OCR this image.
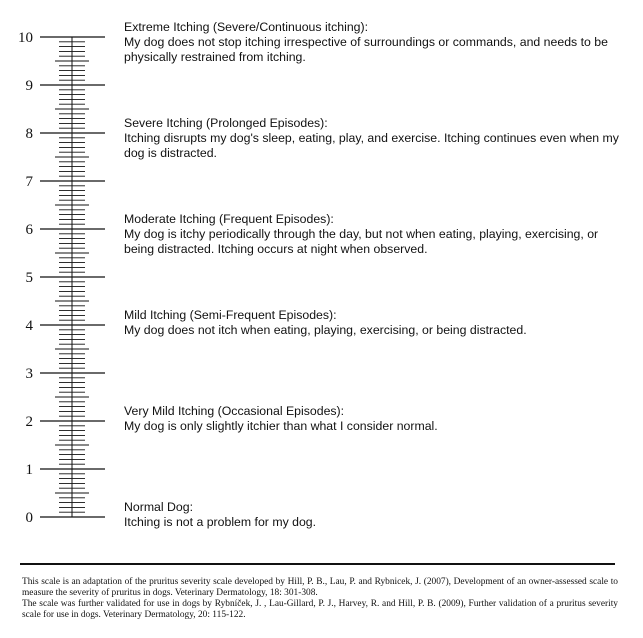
0
1
2
3
4
5
6
7
8
9
10
Extreme Itching (Severe/Continuous itching):
My dog does not stop itching irrespective of surroundings or commands, and needs to be physically restrained from itching.
Severe Itching (Prolonged Episodes):
Itching disrupts my dog's sleep, eating, play, and exercise. Itching continues even when my dog is distracted.
Moderate Itching (Frequent Episodes):
My dog is itchy periodically through the day, but not when eating, playing, exercising, or being distracted. Itching occurs at night when observed.
Mild Itching (Semi-Frequent Episodes):
My dog does not itch when eating, playing, exercising, or being distracted.
Very Mild Itching (Occasional Episodes):
My dog is only slightly itchier than what I consider normal.
Normal Dog:
Itching is not a problem for my dog.

This scale is an adaptation of the pruritus severity scale developed by Hill, P. B., Lau, P. and Rybnicek, J. (2007), Development of an owner-assessed scale to measure the severity of pruritus in dogs. Veterinary Dermatology, 18: 301-308.

The scale was further validated for use in dogs by Rybníček, J. , Lau-Gillard, P. J., Harvey, R. and Hill, P. B. (2009), Further validation of a pruritus severity scale for use in dogs. Veterinary Dermatology, 20: 115-122.
